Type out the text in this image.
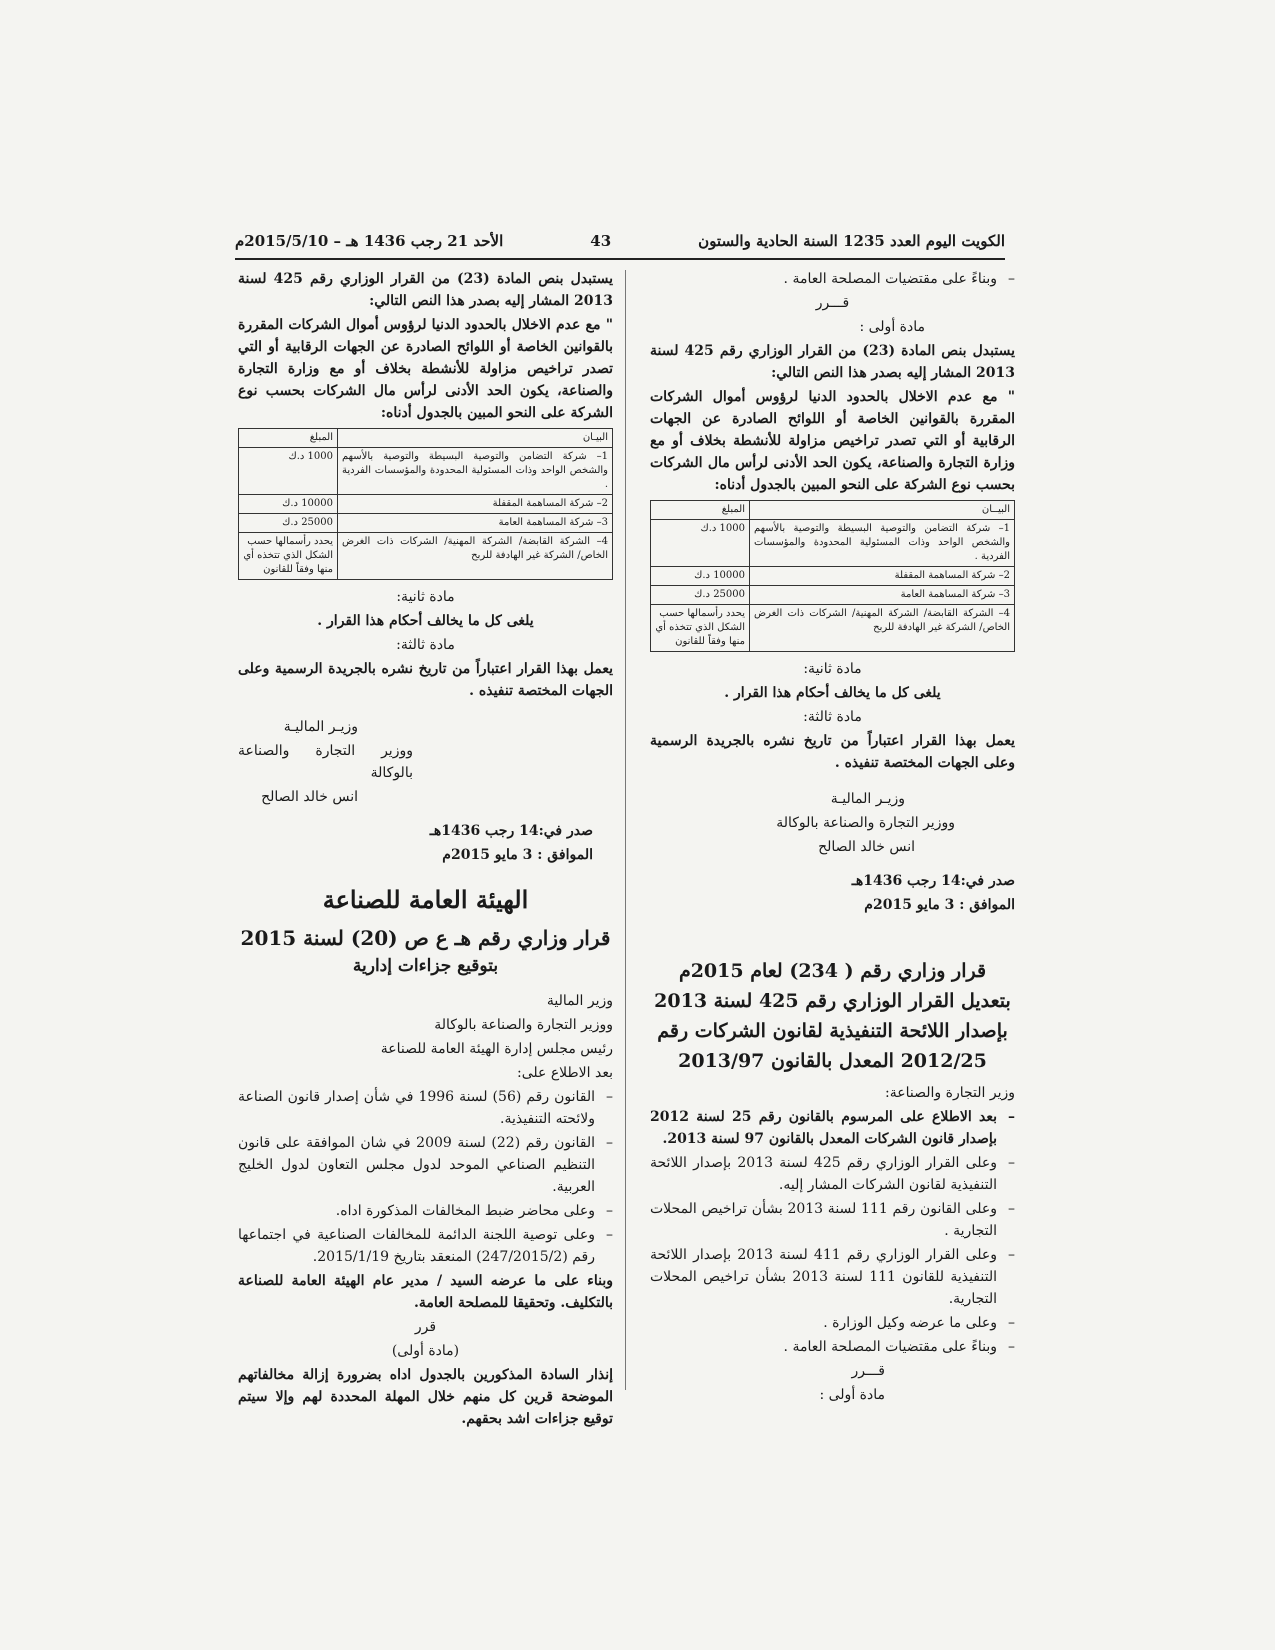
الكويت اليوم العدد 1235 السنة الحادية والستون
43
الأحد 21 رجب 1436 هـ – 2015/5/10م

– وبناءً على مقتضيات المصلحة العامة .

قـــرر

مادة أولى :

يستبدل بنص المادة (23) من القرار الوزاري رقم 425 لسنة 2013 المشار إليه بصدر هذا النص التالي:

" مع عدم الاخلال بالحدود الدنيا لرؤوس أموال الشركات المقررة بالقوانين الخاصة أو اللوائح الصادرة عن الجهات الرقابية أو التي تصدر تراخيص مزاولة للأنشطة بخلاف أو مع وزارة التجارة والصناعة، يكون الحد الأدنى لرأس مال الشركات بحسب نوع الشركة على النحو المبين بالجدول أدناه:

البيــان	المبلغ
1– شركة التضامن والتوصية البسيطة والتوصية بالأسهم والشخص الواحد وذات المسئولية المحدودة والمؤسسات الفردية .	1000 د.ك
2– شركة المساهمة المقفلة	10000 د.ك
3– شركة المساهمة العامة	25000 د.ك
4– الشركة القابضة/ الشركة المهنية/ الشركات ذات الغرض الخاص/ الشركة غير الهادفة للربح	يحدد رأسمالها حسب الشكل الذي تتخذه أي منها وفقاً للقانون

مادة ثانية:

يلغى كل ما يخالف أحكام هذا القرار .

مادة ثالثة:

يعمل بهذا القرار اعتباراً من تاريخ نشره بالجريدة الرسمية وعلى الجهات المختصة تنفيذه .

وزيـر الماليـة

ووزير التجارة والصناعة بالوكالة

انس خالد الصالح

صدر في:14 رجب 1436هـ

الموافق : 3 مايو 2015م

قرار وزاري رقم ( 234) لعام 2015م
بتعديل القرار الوزاري رقم 425 لسنة 2013
بإصدار اللائحة التنفيذية لقانون الشركات رقم
2012/25 المعدل بالقانون 2013/97

وزير التجارة والصناعة:

– بعد الاطلاع على المرسوم بالقانون رقم 25 لسنة 2012 بإصدار قانون الشركات المعدل بالقانون 97 لسنة 2013.

– وعلى القرار الوزاري رقم 425 لسنة 2013 بإصدار اللائحة التنفيذية لقانون الشركات المشار إليه.

– وعلى القانون رقم 111 لسنة 2013 بشأن تراخيص المحلات التجارية .

– وعلى القرار الوزاري رقم 411 لسنة 2013 بإصدار اللائحة التنفيذية للقانون 111 لسنة 2013 بشأن تراخيص المحلات التجارية.

– وعلى ما عرضه وكيل الوزارة .

– وبناءً على مقتضيات المصلحة العامة .

قـــرر

مادة أولى :

يستبدل بنص المادة (23) من القرار الوزاري رقم 425 لسنة 2013 المشار إليه بصدر هذا النص التالي:

" مع عدم الاخلال بالحدود الدنيا لرؤوس أموال الشركات المقررة بالقوانين الخاصة أو اللوائح الصادرة عن الجهات الرقابية أو التي تصدر تراخيص مزاولة للأنشطة بخلاف أو مع وزارة التجارة والصناعة، يكون الحد الأدنى لرأس مال الشركات بحسب نوع الشركة على النحو المبين بالجدول أدناه:

البيـان	المبلغ
1– شركة التضامن والتوصية البسيطة والتوصية بالأسهم والشخص الواحد وذات المسئولية المحدودة والمؤسسات الفردية .	1000 د.ك
2– شركة المساهمة المقفلة	10000 د.ك
3– شركة المساهمة العامة	25000 د.ك
4– الشركة القابضة/ الشركة المهنية/ الشركات ذات الغرض الخاص/ الشركة غير الهادفة للربح	يحدد رأسمالها حسب الشكل الذي تتخذه أي منها وفقاً للقانون

مادة ثانية:

يلغى كل ما يخالف أحكام هذا القرار .

مادة ثالثة:

يعمل بهذا القرار اعتباراً من تاريخ نشره بالجريدة الرسمية وعلى الجهات المختصة تنفيذه .

وزيـر الماليـة

ووزير التجارة والصناعة بالوكالة

انس خالد الصالح

صدر في:14 رجب 1436هـ

الموافق : 3 مايو 2015م

الهيئة العامة للصناعة
قرار وزاري رقم هـ ع ص (20) لسنة 2015
بتوقيع جزاءات إدارية

وزير المالية

ووزير التجارة والصناعة بالوكالة

رئيس مجلس إدارة الهيئة العامة للصناعة

بعد الاطلاع على:

– القانون رقم (56) لسنة 1996 في شأن إصدار قانون الصناعة ولائحته التنفيذية.

– القانون رقم (22) لسنة 2009 في شان الموافقة على قانون التنظيم الصناعي الموحد لدول مجلس التعاون لدول الخليج العربية.

– وعلى محاضر ضبط المخالفات المذكورة اداه.

– وعلى توصية اللجنة الدائمة للمخالفات الصناعية في اجتماعها رقم (247/2015/2) المنعقد بتاريخ 2015/1/19.

وبناء على ما عرضه السيد / مدير عام الهيئة العامة للصناعة بالتكليف. وتحقيقا للمصلحة العامة.

قرر

(مادة أولى)

إنذار السادة المذكورين بالجدول اداه بضرورة إزالة مخالفاتهم الموضحة قرين كل منهم خلال المهلة المحددة لهم وإلا سيتم توقيع جزاءات اشد بحقهم.
